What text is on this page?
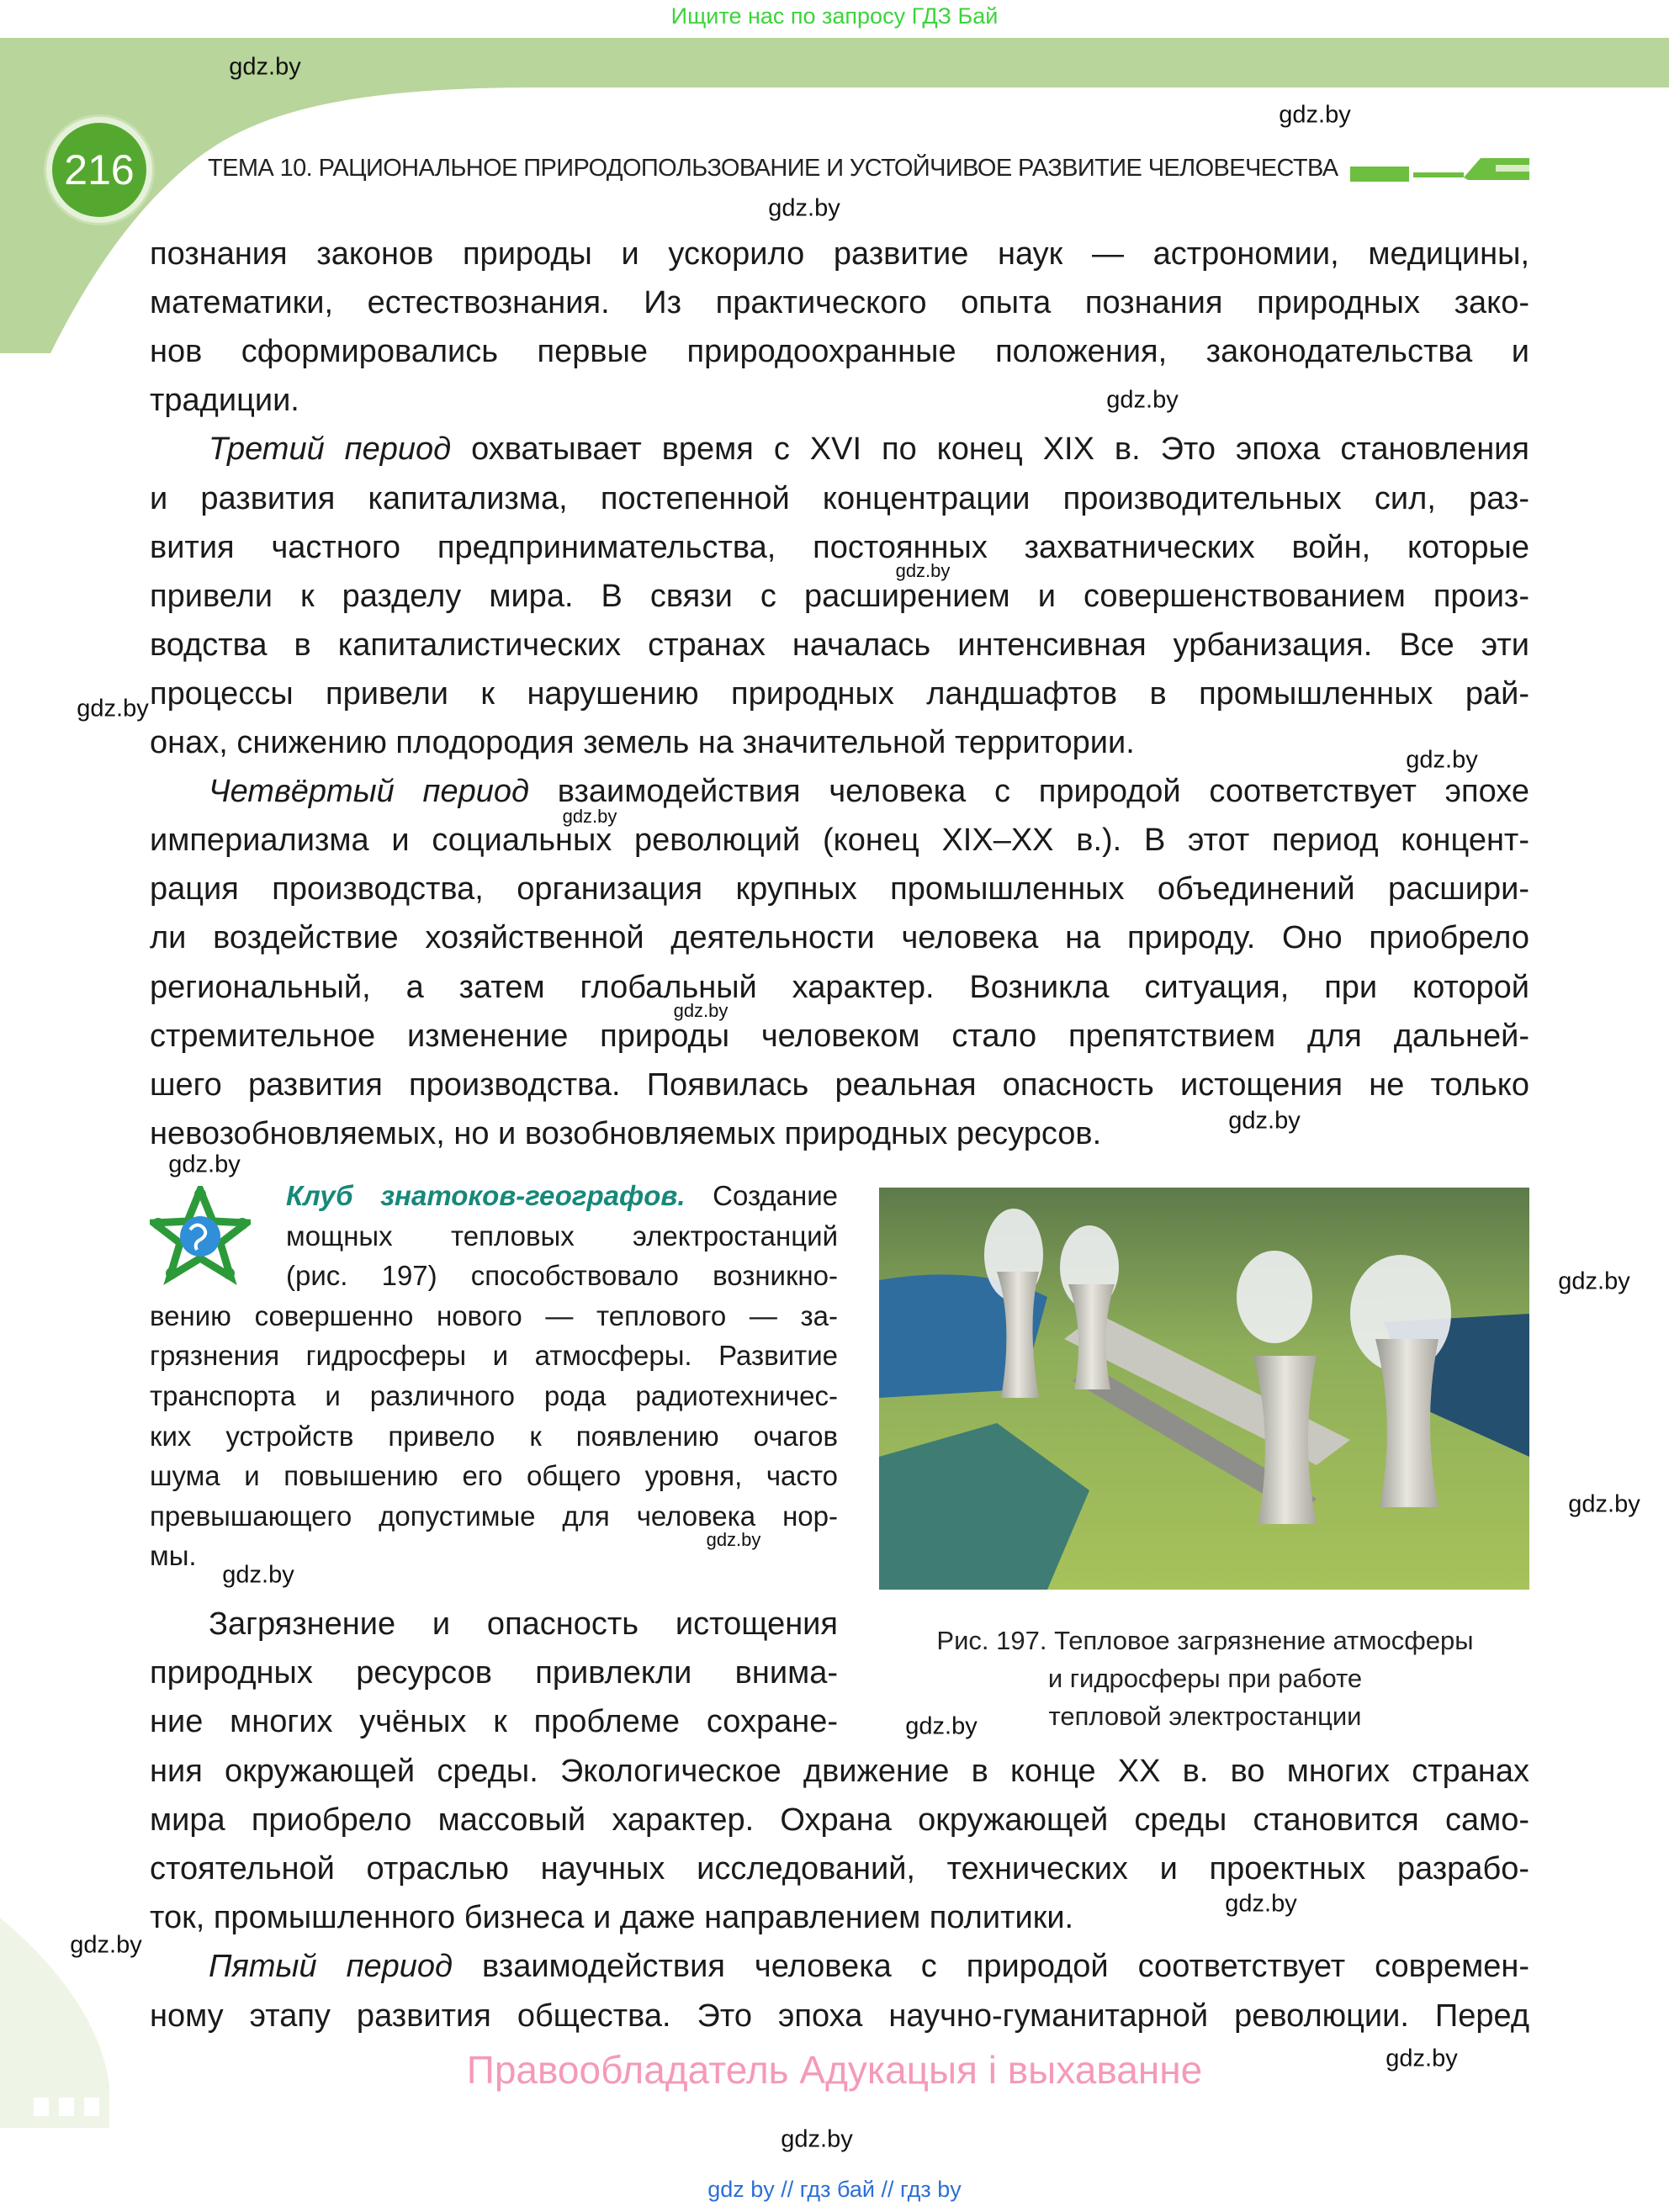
Ищите нас по запросу ГДЗ Бай
216	ТЕМА 10. РАЦИОНАЛЬНОЕ ПРИРОДОПОЛЬЗОВАНИЕ И УСТОЙЧИВОЕ РАЗВИТИЕ ЧЕЛОВЕЧЕСТВА
познания законов природы и ускорило развитие наук — астрономии, медицины,
математики, естествознания. Из практического опыта познания природных зако-
нов сформировались первые природоохранные положения, законодательства и
традиции.
Третий период охватывает время с XVI по конец XIX в. Это эпоха становления
и развития капитализма, постепенной концентрации производительных сил, раз-
вития частного предпринимательства, постоянных захватнических войн, которые
привели к разделу мира. В связи с расширением и совершенствованием произ-
водства в капиталистических странах началась интенсивная урбанизация. Все эти
процессы привели к нарушению природных ландшафтов в промышленных рай-
онах, снижению плодородия земель на значительной территории.
Четвёртый период взаимодействия человека с природой соответствует эпохе
империализма и социальных революций (конец XIX–XX в.). В этот период концент-
рация производства, организация крупных промышленных объединений расшири-
ли воздействие хозяйственной деятельности человека на природу. Оно приобрело
региональный, а затем глобальный характер. Возникла ситуация, при которой
стремительное изменение природы человеком стало препятствием для дальней-
шего развития производства. Появилась реальная опасность истощения не только
невозобновляемых, но и возобновляемых природных ресурсов.
Клуб знатоков-географов. Создание
мощных тепловых электростанций
(рис. 197) способствовало возникно-
вению совершенно нового — теплового — за-
грязнения гидросферы и атмосферы. Развитие
транспорта и различного рода радиотехничес-
ких устройств привело к появлению очагов
шума и повышению его общего уровня, часто
превышающего допустимые для человека нор-
мы.
Загрязнение и опасность истощения
природных ресурсов привлекли внима-
ние многих учёных к проблеме сохране-
ния окружающей среды. Экологическое движение в конце XX в. во многих странах
мира приобрело массовый характер. Охрана окружающей среды становится само-
стоятельной отраслью научных исследований, технических и проектных разрабо-
ток, промышленного бизнеса и даже направлением политики.
Пятый период взаимодействия человека с природой соответствует современ-
ному этапу развития общества. Это эпоха научно-гуманитарной революции. Перед
Рис. 197. Тепловое загрязнение атмосферы
и гидросферы при работе
тепловой электростанции
gdz.by
gdz.by
gdz.by
gdz.by
gdz.by
gdz.by
gdz.by
gdz.by
gdz.by
gdz.by
gdz.by
gdz.by
gdz.by
gdz.by
gdz.by
gdz.by
gdz.by
gdz.by
gdz.by
gdz.by
Правообладатель Адукацыя і выхаванне
gdz by // гдз бай // гдз by
